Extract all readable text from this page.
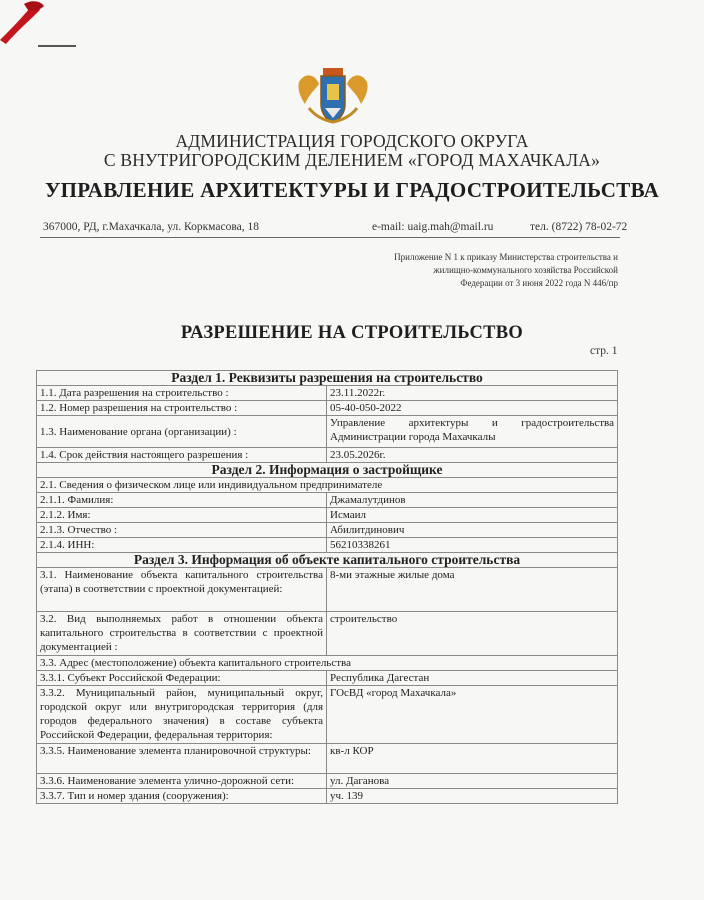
АДМИНИСТРАЦИЯ ГОРОДСКОГО ОКРУГА
С ВНУТРИГОРОДСКИМ ДЕЛЕНИЕМ «ГОРОД МАХАЧКАЛА»
УПРАВЛЕНИЕ АРХИТЕКТУРЫ И ГРАДОСТРОИТЕЛЬСТВА
367000, РД, г.Махачкала, ул. Коркмасова, 18	e-mail: uaig.mah@mail.ru	тел. (8722) 78-02-72
Приложение N 1 к приказу Министерства строительства и
жилищно-коммунального хозяйства Российской
Федерации от 3 июня 2022 года N 446/пр
РАЗРЕШЕНИЕ НА СТРОИТЕЛЬСТВО
стр. 1
Раздел 1. Реквизиты разрешения на строительство	
1.1. Дата разрешения на строительство :	23.11.2022г.
1.2. Номер разрешения на строительство :	05-40-050-2022
1.3. Наименование органа (организации) :	Управление архитектуры и градостроительства Администрации города Махачкалы
1.4. Срок действия настоящего разрешения :	23.05.2026г.
Раздел 2. Информация о застройщике	
2.1. Сведения о физическом лице или индивидуальном предпринимателе	
2.1.1. Фамилия:	Джамалутдинов
2.1.2. Имя:	Исмаил
2.1.3. Отчество :	Абилитдинович
2.1.4. ИНН:	56210338261
Раздел 3. Информация об объекте капитального строительства	
3.1. Наименование объекта капитального строительства (этапа) в соответствии с проектной документацией:	8-ми этажные жилые дома
3.2. Вид выполняемых работ в отношении объекта капитального строительства в соответствии с проектной документацией :	строительство
3.3. Адрес (местоположение) объекта капитального строительства	
3.3.1. Субъект Российской Федерации:	Республика Дагестан
3.3.2. Муниципальный район, муниципальный округ, городской округ или внутригородская территория (для городов федерального значения) в составе субъекта Российской Федерации, федеральная территория:	ГОсВД «город Махачкала»
3.3.5. Наименование элемента планировочной структуры:	кв-л КОР
3.3.6. Наименование элемента улично-дорожной сети:	ул. Даганова
3.3.7. Тип и номер здания (сооружения):	уч. 139
